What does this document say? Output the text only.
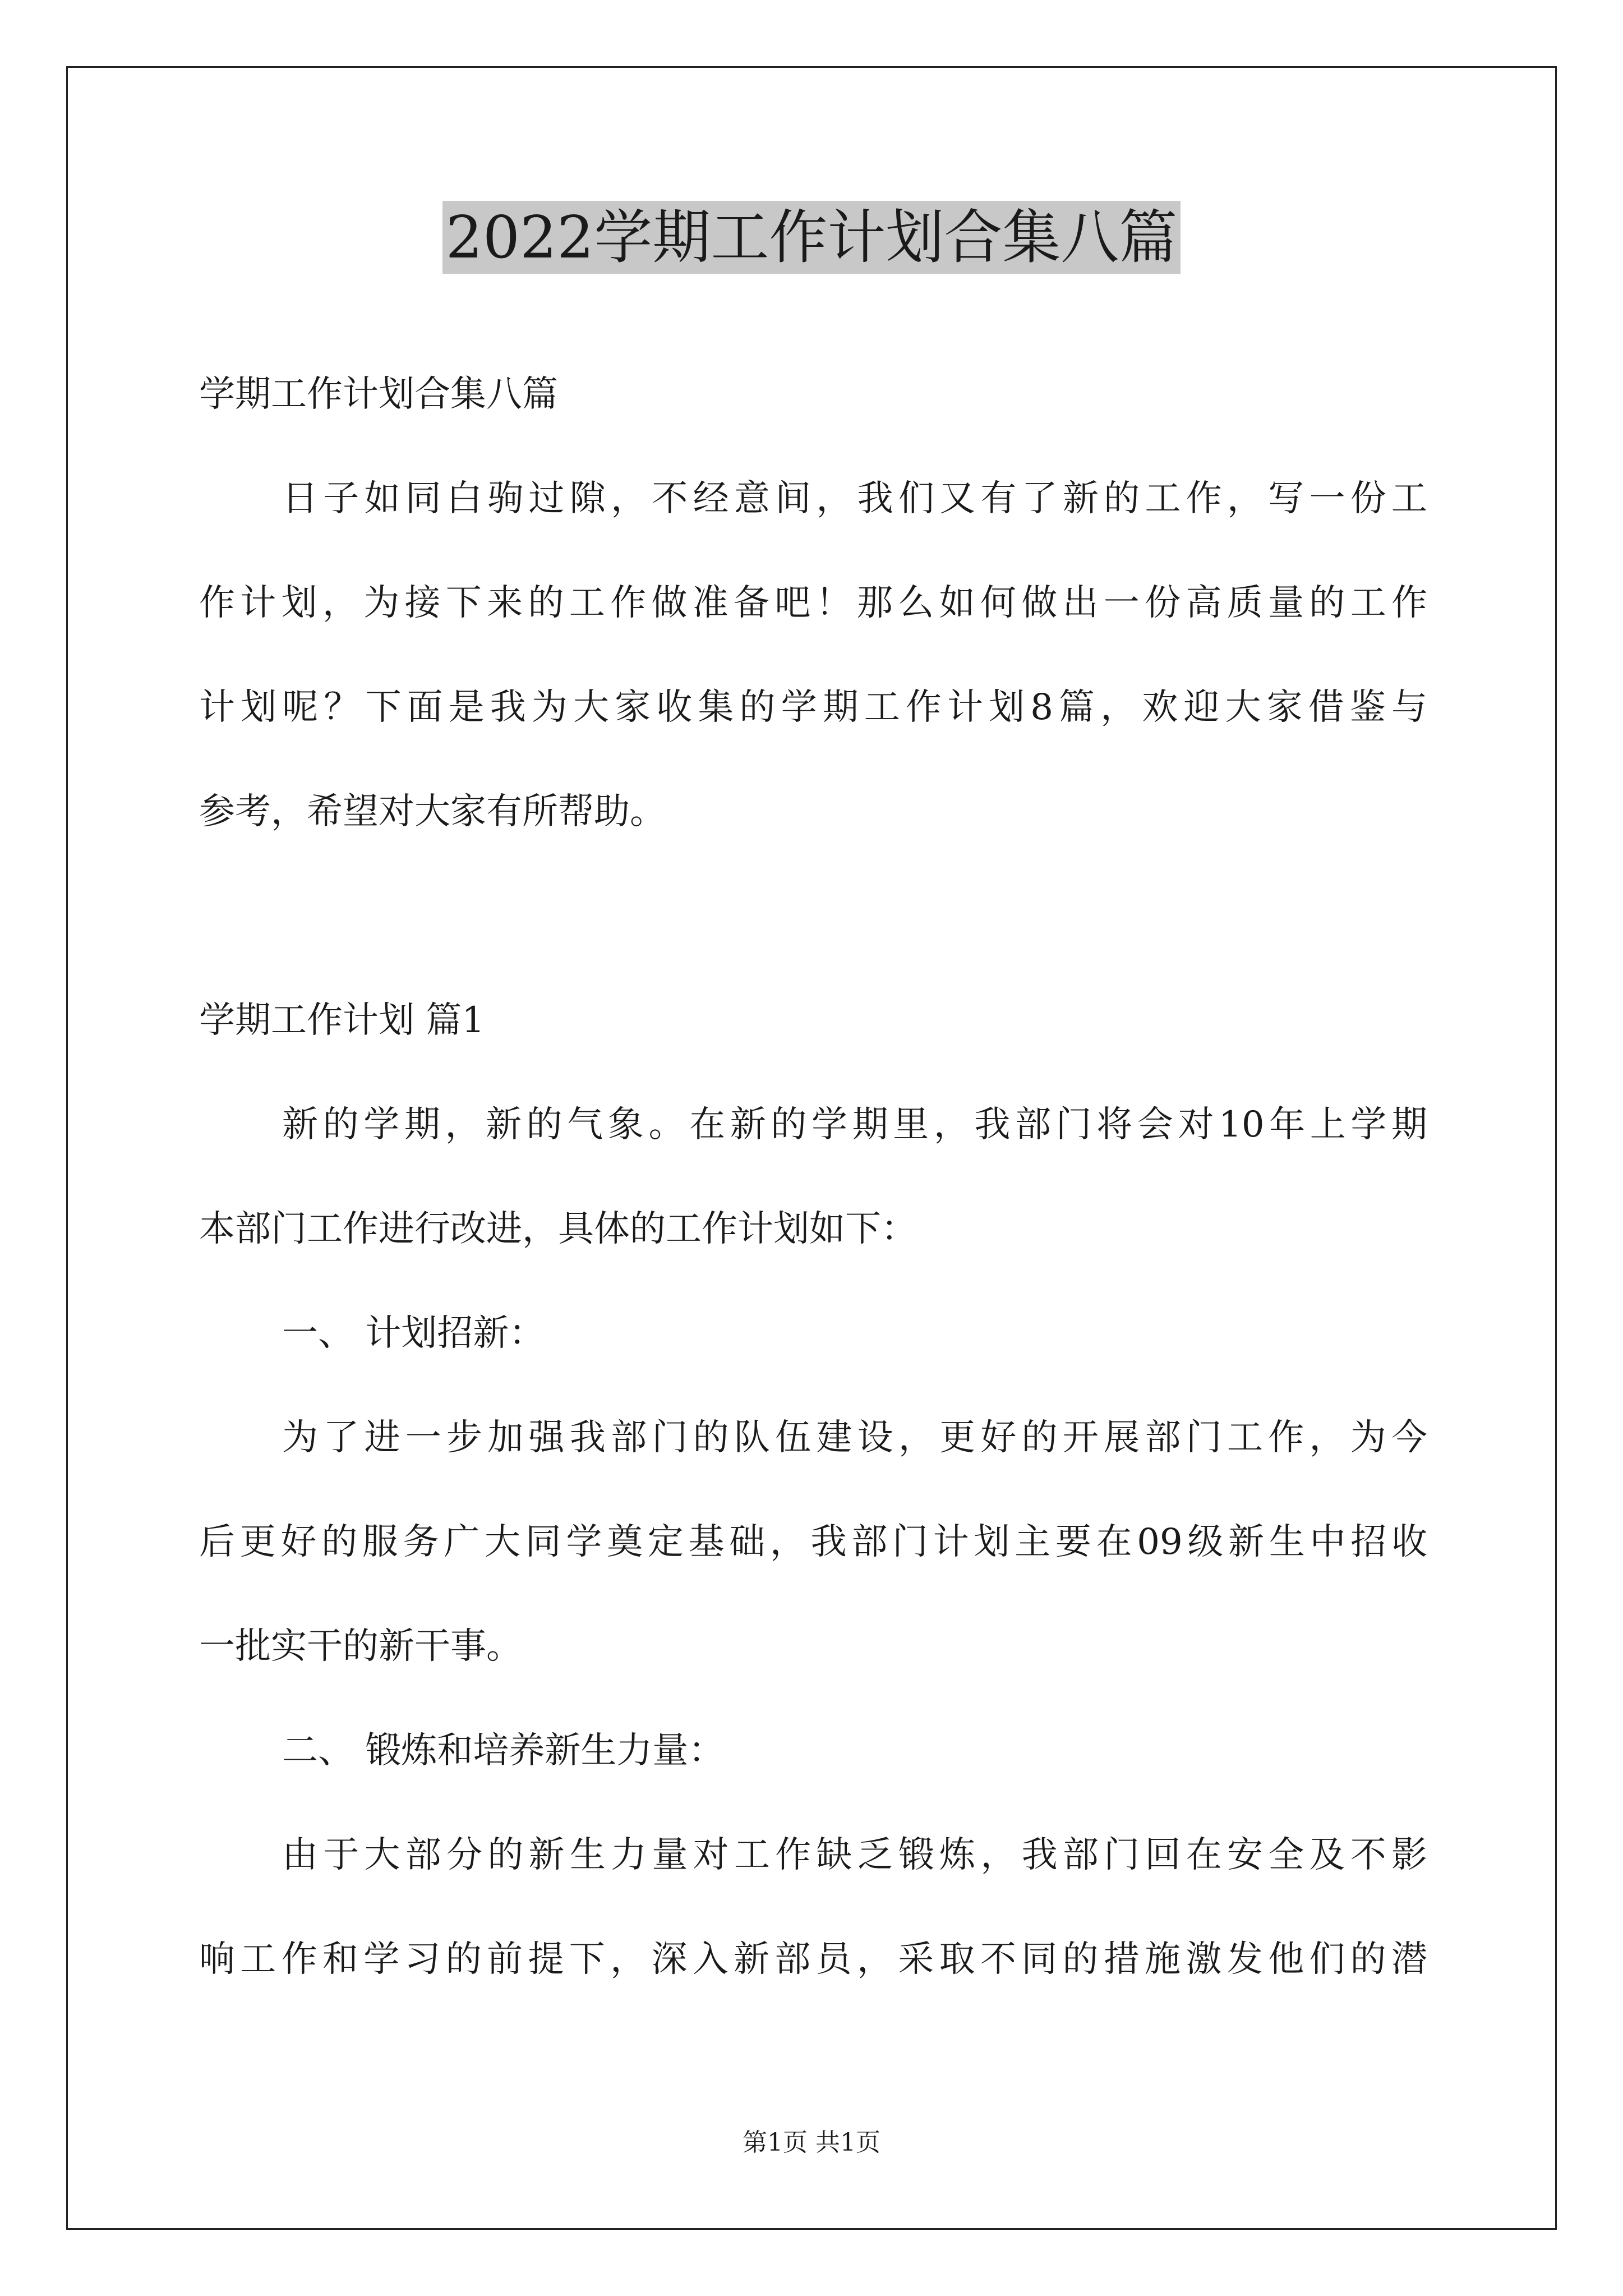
2022学期工作计划合集八篇
学期工作计划合集八篇
日子如同白驹过隙，不经意间，我们又有了新的工作，写一份工
作计划，为接下来的工作做准备吧！那么如何做出一份高质量的工作
计划呢？下面是我为大家收集的学期工作计划8篇，欢迎大家借鉴与
参考，希望对大家有所帮助。
学期工作计划 篇1
新的学期，新的气象。在新的学期里，我部门将会对10年上学期
本部门工作进行改进，具体的工作计划如下：
一、 计划招新：
为了进一步加强我部门的队伍建设，更好的开展部门工作，为今
后更好的服务广大同学奠定基础，我部门计划主要在09级新生中招收
一批实干的新干事。
二、 锻炼和培养新生力量：
由于大部分的新生力量对工作缺乏锻炼，我部门回在安全及不影
响工作和学习的前提下，深入新部员，采取不同的措施激发他们的潜
第1页 共1页
